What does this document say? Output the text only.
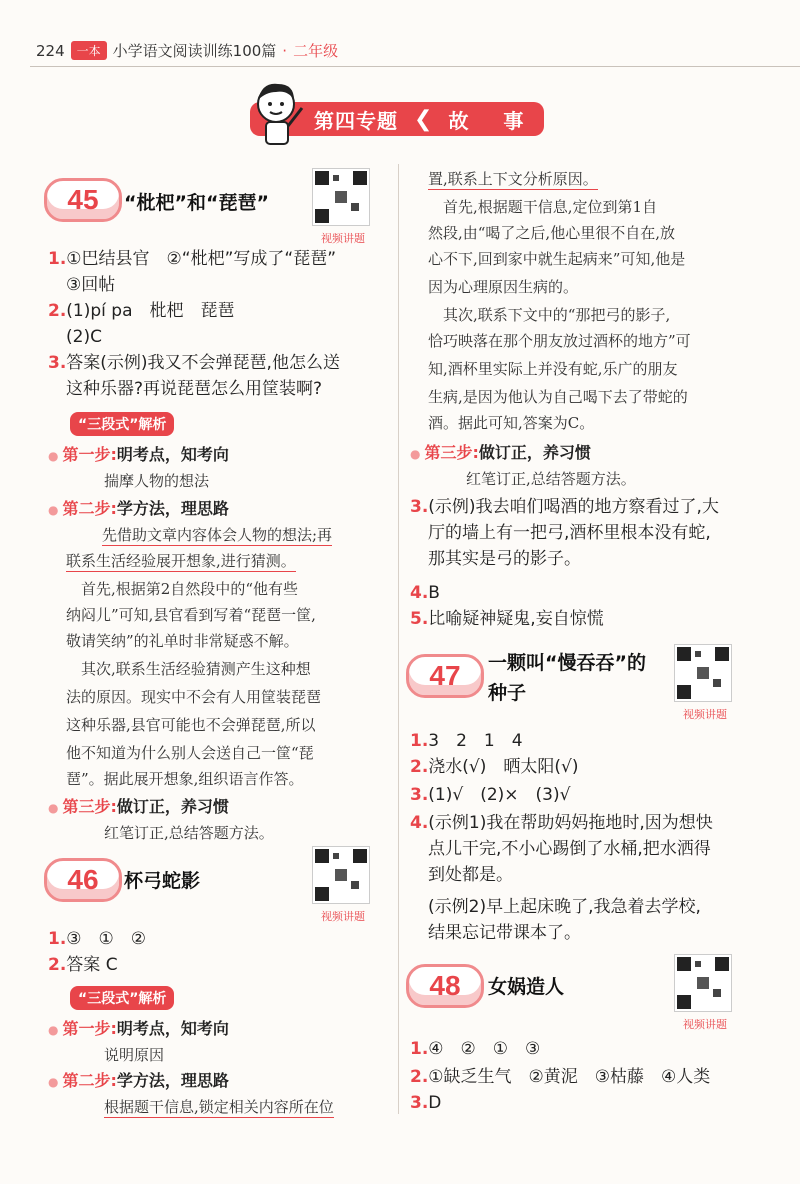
224	一本 小学语文阅读训练100篇 · 二年级
第四专题 ❮ 故 事
45 “枇杷”和“琵琶”
视频讲题
1.①巴结县官　②“枇杷”写成了“琵琶”
③回帖
2.(1)pí pa　枇杷　琵琶
(2)C
3.答案(示例)我又不会弹琵琶,他怎么送
这种乐器?再说琵琶怎么用筐装啊?
“三段式”解析
● 第一步:明考点，知考向
揣摩人物的想法
● 第二步:学方法，理思路
先借助文章内容体会人物的想法;再
联系生活经验展开想象,进行猜测。
　首先,根据第2自然段中的“他有些
纳闷儿”可知,县官看到写着“琵琶一筐,
敬请笑纳”的礼单时非常疑惑不解。
　其次,联系生活经验猜测产生这种想
法的原因。现实中不会有人用筐装琵琶
这种乐器,县官可能也不会弹琵琶,所以
他不知道为什么别人会送自己一筐“琵
琶”。据此展开想象,组织语言作答。
● 第三步:做订正，养习惯
红笔订正,总结答题方法。
46 杯弓蛇影
视频讲题
1.③　①　②
2.答案 C
“三段式”解析
● 第一步:明考点，知考向
说明原因
● 第二步:学方法，理思路
根据题干信息,锁定相关内容所在位
置,联系上下文分析原因。
　首先,根据题干信息,定位到第1自
然段,由“喝了之后,他心里很不自在,放
心不下,回到家中就生起病来”可知,他是
因为心理原因生病的。
　其次,联系下文中的“那把弓的影子,
恰巧映落在那个朋友放过酒杯的地方”可
知,酒杯里实际上并没有蛇,乐广的朋友
生病,是因为他认为自己喝下去了带蛇的
酒。据此可知,答案为C。
● 第三步:做订正，养习惯
红笔订正,总结答题方法。
3.(示例)我去咱们喝酒的地方察看过了,大
厅的墙上有一把弓,酒杯里根本没有蛇,
那其实是弓的影子。
4.B
5.比喻疑神疑鬼,妄自惊慌
47 一颗叫“慢吞吞”的
种子
视频讲题
1.3　2　1　4
2.浇水(√)　晒太阳(√)
3.(1)√　(2)×　(3)√
4.(示例1)我在帮助妈妈拖地时,因为想快
点儿干完,不小心踢倒了水桶,把水洒得
到处都是。
(示例2)早上起床晚了,我急着去学校,
结果忘记带课本了。
48 女娲造人
视频讲题
1.④　②　①　③
2.①缺乏生气　②黄泥　③枯藤　④人类
3.D
